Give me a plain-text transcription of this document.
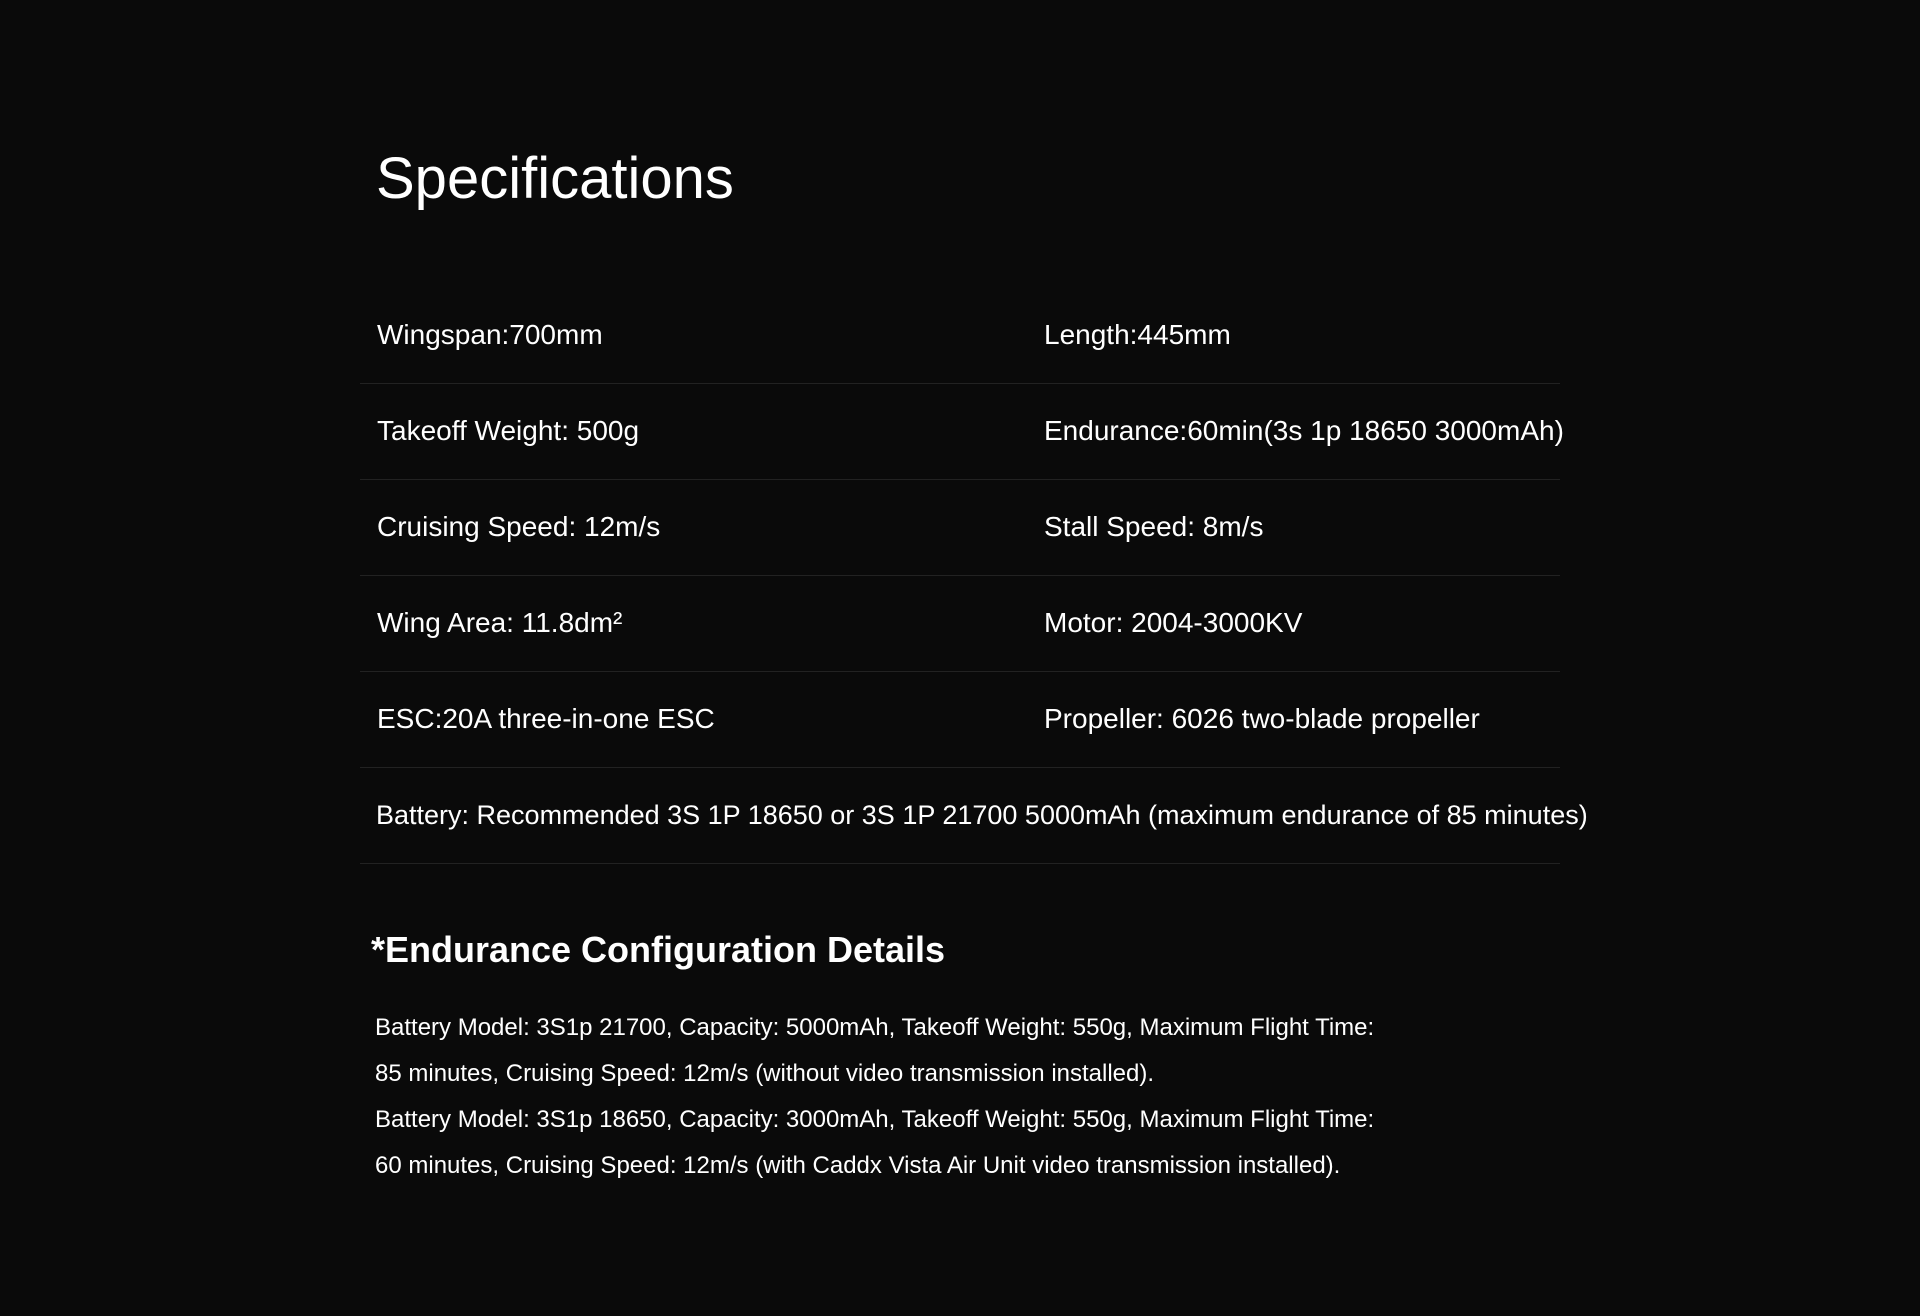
Specifications
Wingspan:700mm	Length:445mm
Takeoff Weight: 500g	Endurance:60min(3s 1p 18650 3000mAh)
Cruising Speed: 12m/s	Stall Speed: 8m/s
Wing Area: 11.8dm²	Motor: 2004-3000KV
ESC:20A three-in-one ESC	Propeller: 6026 two-blade propeller
Battery: Recommended 3S 1P 18650 or 3S 1P 21700 5000mAh (maximum endurance of 85 minutes)
*Endurance Configuration Details
Battery Model: 3S1p 21700, Capacity: 5000mAh, Takeoff Weight: 550g, Maximum Flight Time:
85 minutes, Cruising Speed: 12m/s (without video transmission installed).
Battery Model: 3S1p 18650, Capacity: 3000mAh, Takeoff Weight: 550g, Maximum Flight Time:
60 minutes, Cruising Speed: 12m/s (with Caddx Vista Air Unit video transmission installed).
